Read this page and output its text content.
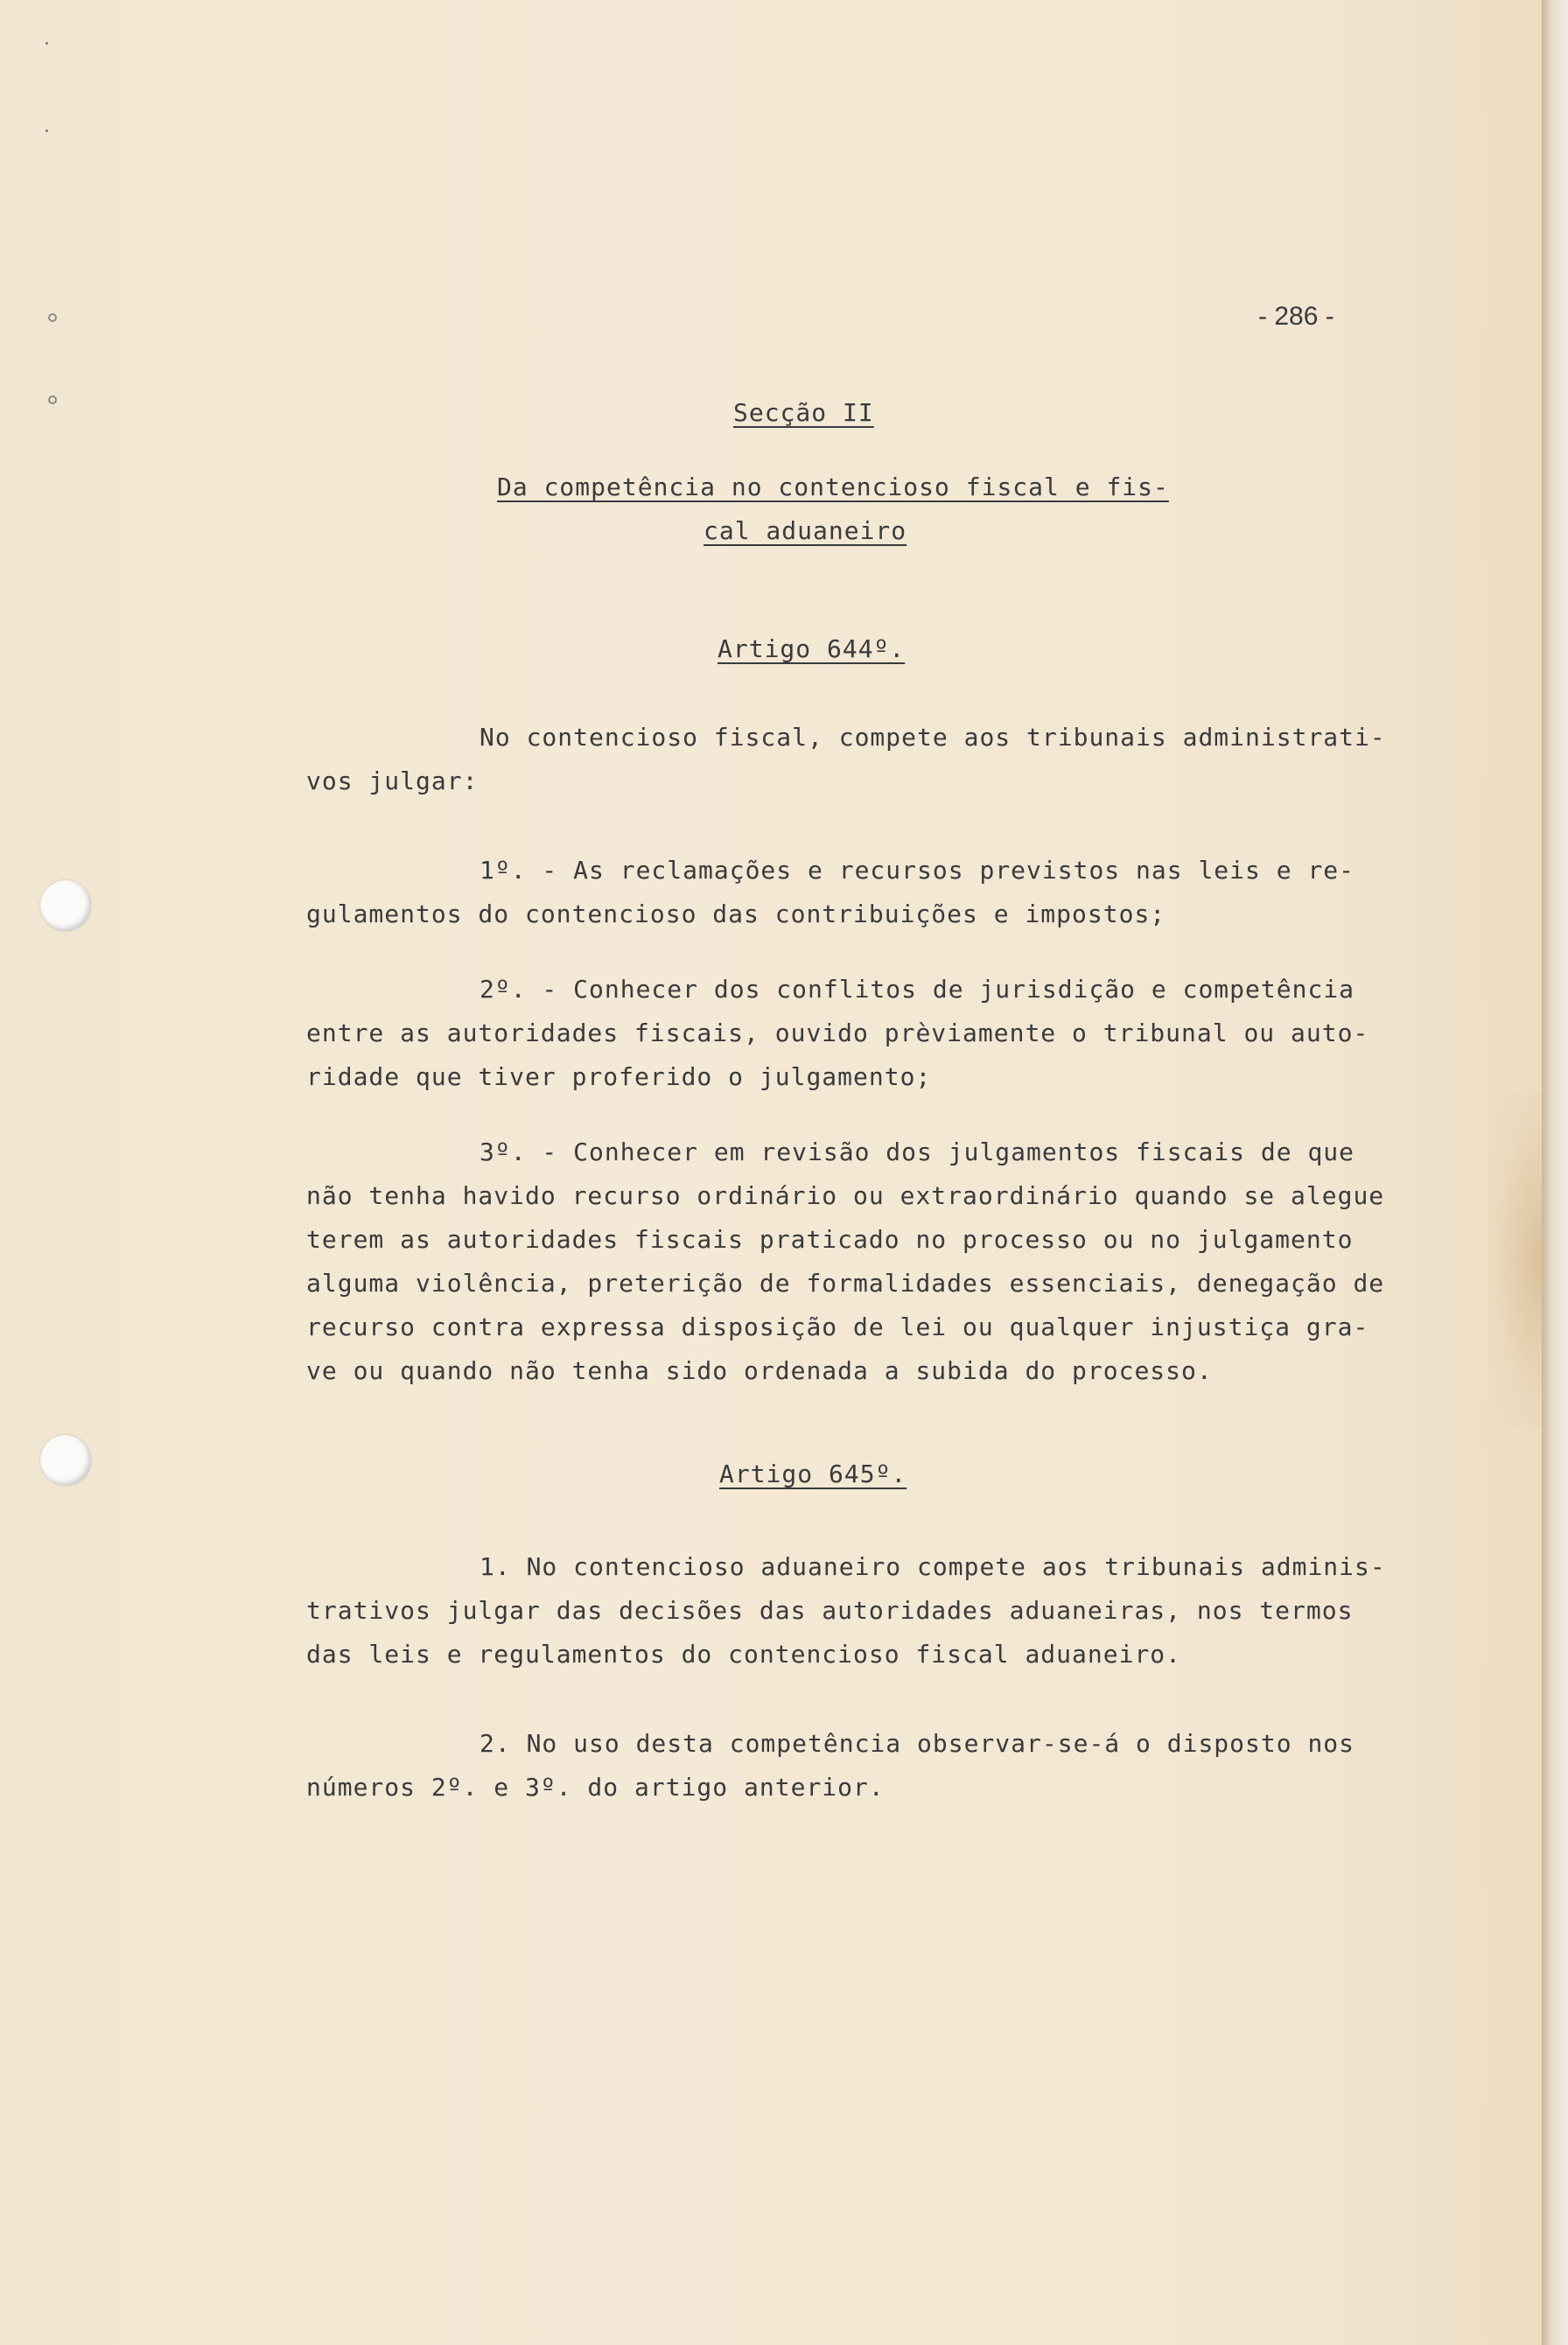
- 286 -
Secção II
Da competência no contencioso fiscal e fis-
cal aduaneiro
Artigo 644º.
No contencioso fiscal, compete aos tribunais administrati-
vos julgar:
1º. - As reclamações e recursos previstos nas leis e re-
gulamentos do contencioso das contribuições e impostos;
2º. - Conhecer dos conflitos de jurisdição e competência
entre as autoridades fiscais, ouvido prèviamente o tribunal ou auto-
ridade que tiver proferido o julgamento;
3º. - Conhecer em revisão dos julgamentos fiscais de que
não tenha havido recurso ordinário ou extraordinário quando se alegue
terem as autoridades fiscais praticado no processo ou no julgamento
alguma violência, preterição de formalidades essenciais, denegação de
recurso contra expressa disposição de lei ou qualquer injustiça gra-
ve ou quando não tenha sido ordenada a subida do processo.
Artigo 645º.
1. No contencioso aduaneiro compete aos tribunais adminis-
trativos julgar das decisões das autoridades aduaneiras, nos termos
das leis e regulamentos do contencioso fiscal aduaneiro.
2. No uso desta competência observar-se-á o disposto nos
números 2º. e 3º. do artigo anterior.
